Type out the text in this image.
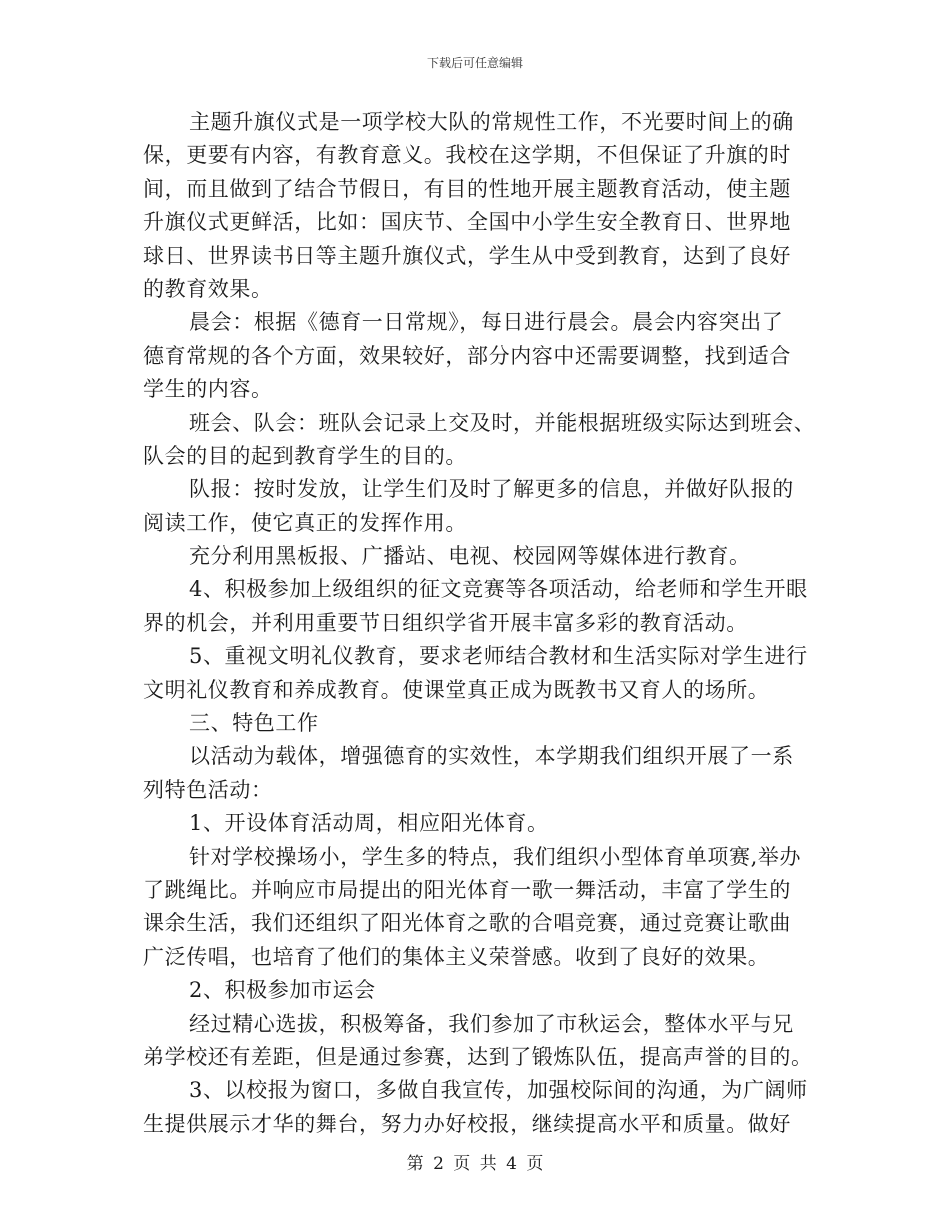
下载后可任意编辑
主题升旗仪式是一项学校大队的常规性工作，不光要时间上的确
保，更要有内容，有教育意义。我校在这学期，不但保证了升旗的时
间，而且做到了结合节假日，有目的性地开展主题教育活动，使主题
升旗仪式更鲜活，比如：国庆节、全国中小学生安全教育日、世界地
球日、世界读书日等主题升旗仪式，学生从中受到教育，达到了良好
的教育效果。
晨会：根据《德育一日常规》，每日进行晨会。晨会内容突出了
德育常规的各个方面，效果较好，部分内容中还需要调整，找到适合
学生的内容。
班会、队会：班队会记录上交及时，并能根据班级实际达到班会、
队会的目的起到教育学生的目的。
队报：按时发放，让学生们及时了解更多的信息，并做好队报的
阅读工作，使它真正的发挥作用。
充分利用黑板报、广播站、电视、校园网等媒体进行教育。
4、积极参加上级组织的征文竞赛等各项活动，给老师和学生开眼
界的机会，并利用重要节日组织学省开展丰富多彩的教育活动。
5、重视文明礼仪教育，要求老师结合教材和生活实际对学生进行
文明礼仪教育和养成教育。使课堂真正成为既教书又育人的场所。
三、特色工作
以活动为载体，增强德育的实效性，本学期我们组织开展了一系
列特色活动：
1、开设体育活动周，相应阳光体育。
针对学校操场小，学生多的特点，我们组织小型体育单项赛,举办
了跳绳比。并响应市局提出的阳光体育一歌一舞活动，丰富了学生的
课余生活，我们还组织了阳光体育之歌的合唱竞赛，通过竞赛让歌曲
广泛传唱，也培育了他们的集体主义荣誉感。收到了良好的效果。
2、积极参加市运会
经过精心选拔，积极筹备，我们参加了市秋运会，整体水平与兄
弟学校还有差距，但是通过参赛，达到了锻炼队伍，提高声誉的目的。
3、以校报为窗口，多做自我宣传，加强校际间的沟通，为广阔师
生提供展示才华的舞台，努力办好校报，继续提高水平和质量。做好
第 2 页 共 4 页
